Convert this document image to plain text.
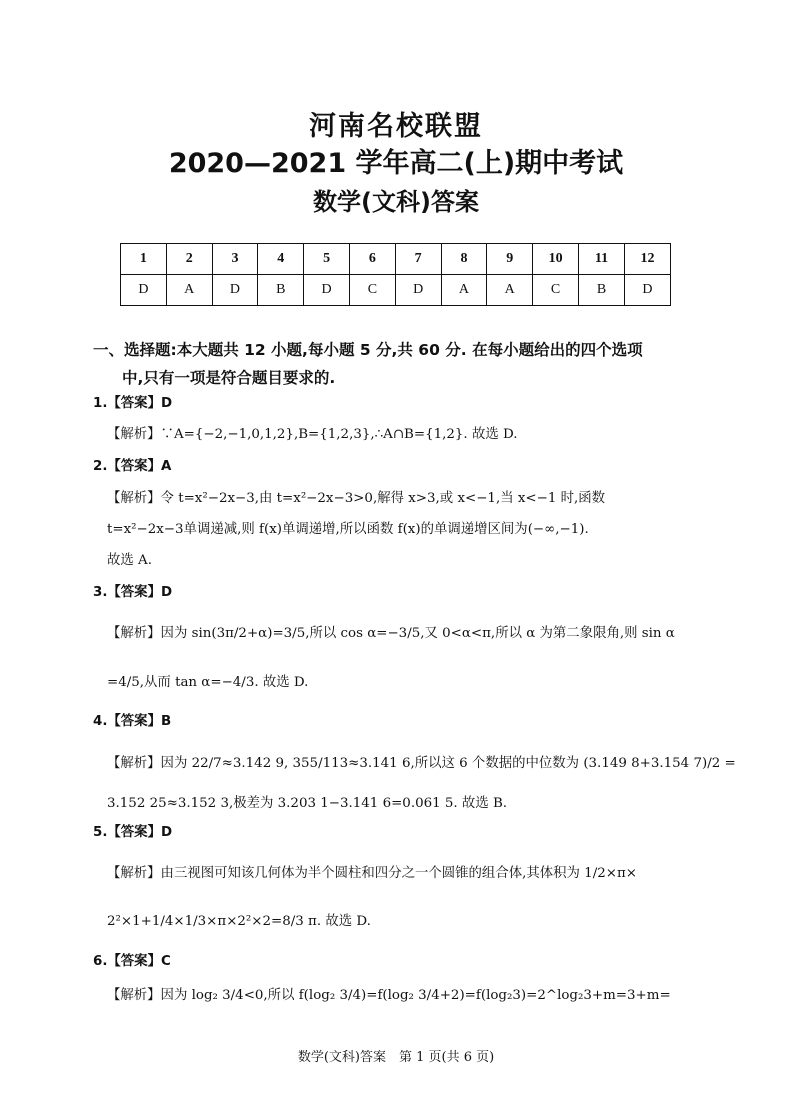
河南名校联盟
2020—2021 学年高二(上)期中考试
数学(文科)答案
1	2	3	4	5	6	7	8	9	10	11	12
D	A	D	B	D	C	D	A	A	C	B	D
一、选择题:本大题共 12 小题,每小题 5 分,共 60 分. 在每小题给出的四个选项
中,只有一项是符合题目要求的.
1.【答案】D
【解析】∵A={−2,−1,0,1,2},B={1,2,3},∴A∩B={1,2}. 故选 D.
2.【答案】A
【解析】令 t=x²−2x−3,由 t=x²−2x−3>0,解得 x>3,或 x<−1,当 x<−1 时,函数
t=x²−2x−3单调递减,则 f(x)单调递增,所以函数 f(x)的单调递增区间为(−∞,−1).
故选 A.
3.【答案】D
【解析】因为 sin(3π/2+α)=3/5,所以 cos α=−3/5,又 0<α<π,所以 α 为第二象限角,则 sin α
=4/5,从而 tan α=−4/3. 故选 D.
4.【答案】B
【解析】因为 22/7≈3.142 9, 355/113≈3.141 6,所以这 6 个数据的中位数为 (3.149 8+3.154 7)/2 =
3.152 25≈3.152 3,极差为 3.203 1−3.141 6=0.061 5. 故选 B.
5.【答案】D
【解析】由三视图可知该几何体为半个圆柱和四分之一个圆锥的组合体,其体积为 1/2×π×
2²×1+1/4×1/3×π×2²×2=8/3 π. 故选 D.
6.【答案】C
【解析】因为 log₂ 3/4<0,所以 f(log₂ 3/4)=f(log₂ 3/4+2)=f(log₂3)=2^log₂3+m=3+m=
数学(文科)答案　第 1 页(共 6 页)
